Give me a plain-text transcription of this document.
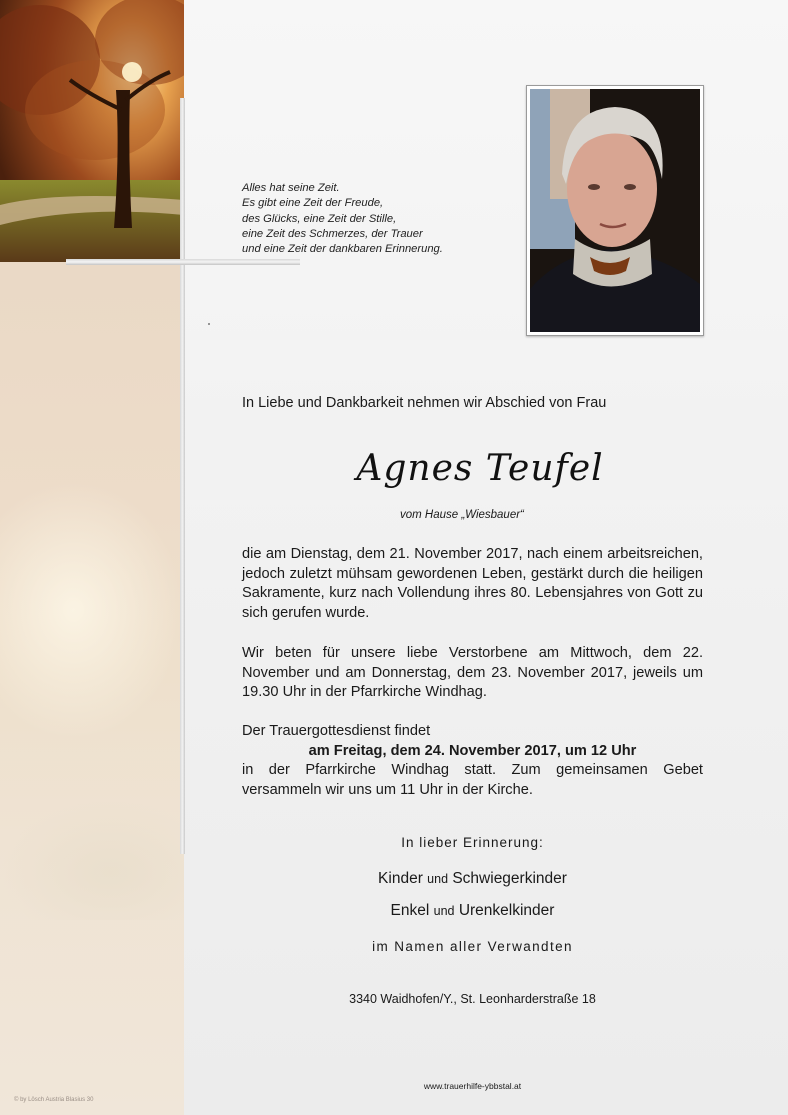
Alles hat seine Zeit.
Es gibt eine Zeit der Freude,
des Glücks, eine Zeit der Stille,
eine Zeit des Schmerzes, der Trauer
und eine Zeit der dankbaren Erinnerung.
In Liebe und Dankbarkeit nehmen wir Abschied von Frau
Agnes Teufel
vom Hause „Wiesbauer“
die am Dienstag, dem 21. November 2017, nach einem arbeitsreichen, jedoch zuletzt mühsam gewordenen Leben, gestärkt durch die heiligen Sakramente, kurz nach Vollendung ihres 80. Lebensjahres von Gott zu sich gerufen wurde.
Wir beten für unsere liebe Verstorbene am Mittwoch, dem 22. November und am Donnerstag, dem 23. November 2017, jeweils um 19.30 Uhr in der Pfarrkirche Windhag.
Der Trauergottesdienst findet
am Freitag, dem 24. November 2017, um 12 Uhr
in der Pfarrkirche Windhag statt. Zum gemeinsamen Gebet versammeln wir uns um 11 Uhr in der Kirche.
In lieber Erinnerung:
Kinder und Schwiegerkinder
Enkel und Urenkelkinder
im Namen aller Verwandten
3340 Waidhofen/Y., St. Leonharderstraße 18
www.trauerhilfe-ybbstal.at
© by Lösch Austria Blasius 30
